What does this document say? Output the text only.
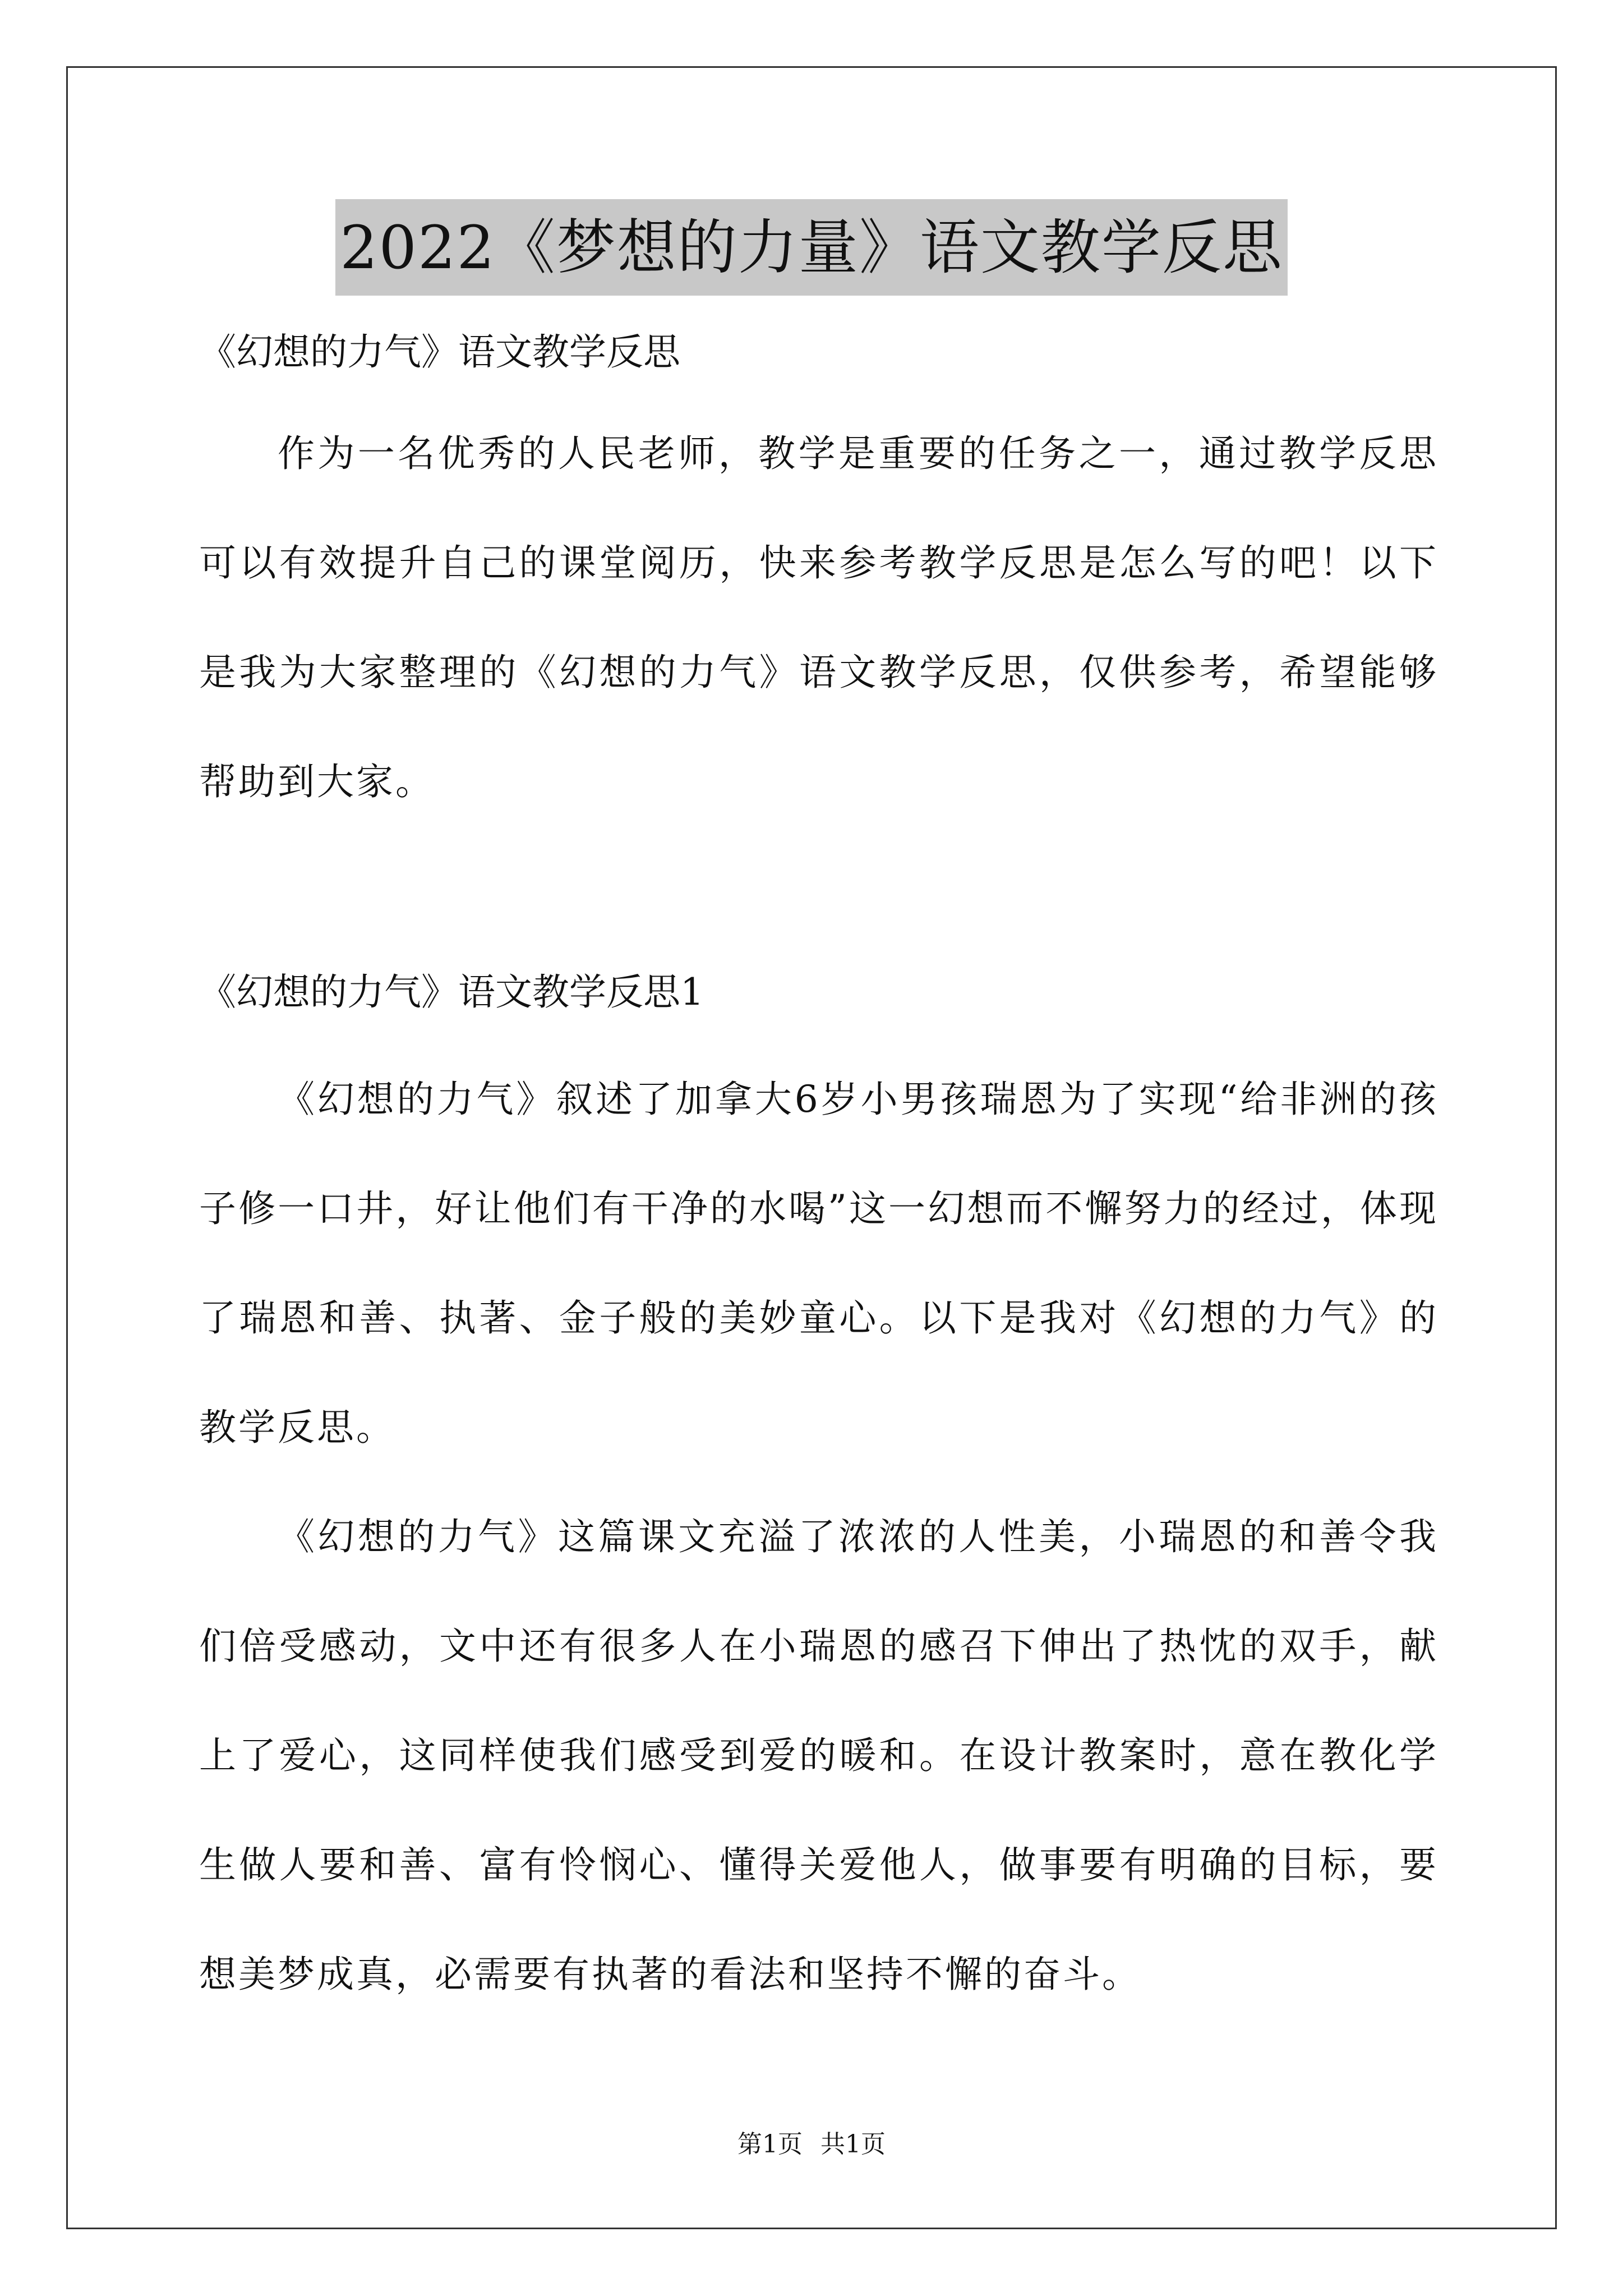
2022《梦想的力量》语文教学反思

《幻想的力气》语文教学反思

作为一名优秀的人民老师，教学是重要的任务之一，通过教学反思可以有效提升自己的课堂阅历，快来参考教学反思是怎么写的吧！以下是我为大家整理的《幻想的力气》语文教学反思，仅供参考，希望能够帮助到大家。

《幻想的力气》语文教学反思1

《幻想的力气》叙述了加拿大6岁小男孩瑞恩为了实现“给非洲的孩子修一口井，好让他们有干净的水喝”这一幻想而不懈努力的经过，体现了瑞恩和善、执著、金子般的美妙童心。以下是我对《幻想的力气》的教学反思。

《幻想的力气》这篇课文充溢了浓浓的人性美，小瑞恩的和善令我们倍受感动，文中还有很多人在小瑞恩的感召下伸出了热忱的双手，献上了爱心，这同样使我们感受到爱的暖和。在设计教案时，意在教化学生做人要和善、富有怜悯心、懂得关爱他人，做事要有明确的目标，要想美梦成真，必需要有执著的看法和坚持不懈的奋斗。

第1页 共1页
